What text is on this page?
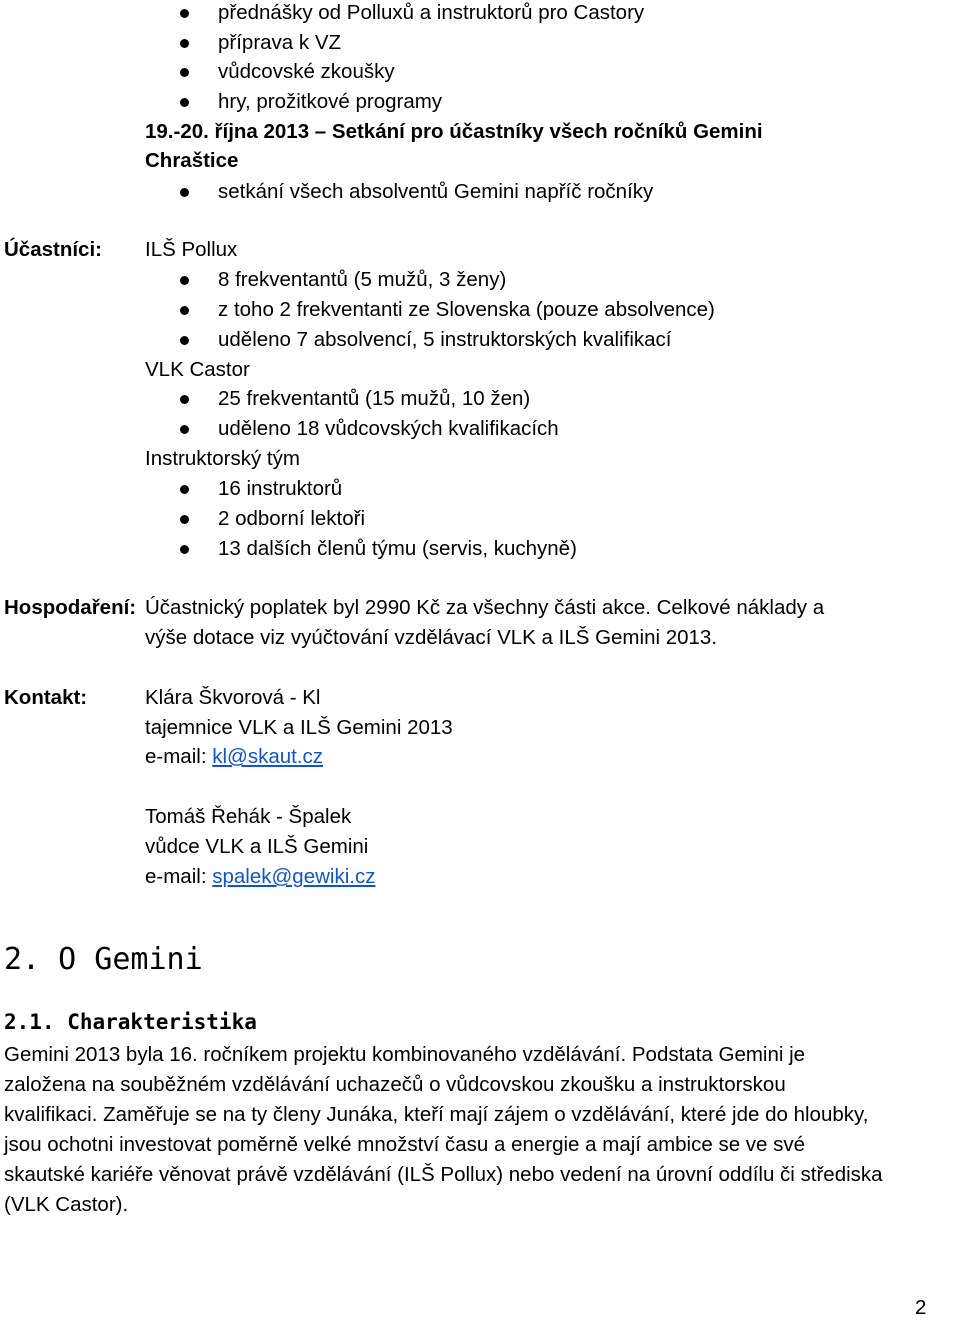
přednášky od Polluxů a instruktorů pro Castory
příprava k VZ
vůdcovské zkoušky
hry, prožitkové programy
19.-20. října 2013 – Setkání pro účastníky všech ročníků Gemini
Chraštice
setkání všech absolventů Gemini napříč ročníky
Účastníci: ILŠ Pollux
8 frekventantů (5 mužů, 3 ženy)
z toho 2 frekventanti ze Slovenska (pouze absolvence)
uděleno 7 absolvencí, 5 instruktorských kvalifikací
VLK Castor
25 frekventantů (15 mužů, 10 žen)
uděleno 18 vůdcovských kvalifikacích
Instruktorský tým
16 instruktorů
2 odborní lektoři
13 dalších členů týmu (servis, kuchyně)
Hospodaření: Účastnický poplatek byl 2990 Kč za všechny části akce. Celkové náklady a
výše dotace viz vyúčtování vzdělávací VLK a ILŠ Gemini 2013.
Kontakt:	Klára Škvorová - Kl
tajemnice VLK a ILŠ Gemini 2013
e-mail: kl@skaut.cz
Tomáš Řehák - Špalek
vůdce VLK a ILŠ Gemini
e-mail: spalek@gewiki.cz
2. O Gemini
2.1. Charakteristika
Gemini 2013 byla 16. ročníkem projektu kombinovaného vzdělávání. Podstata Gemini je
založena na souběžném vzdělávání uchazečů o vůdcovskou zkoušku a instruktorskou
kvalifikaci. Zaměřuje se na ty členy Junáka, kteří mají zájem o vzdělávání, které jde do hloubky,
jsou ochotni investovat poměrně velké množství času a energie a mají ambice se ve své
skautské kariéře věnovat právě vzdělávání (ILŠ Pollux) nebo vedení na úrovní oddílu či střediska
(VLK Castor).
2
